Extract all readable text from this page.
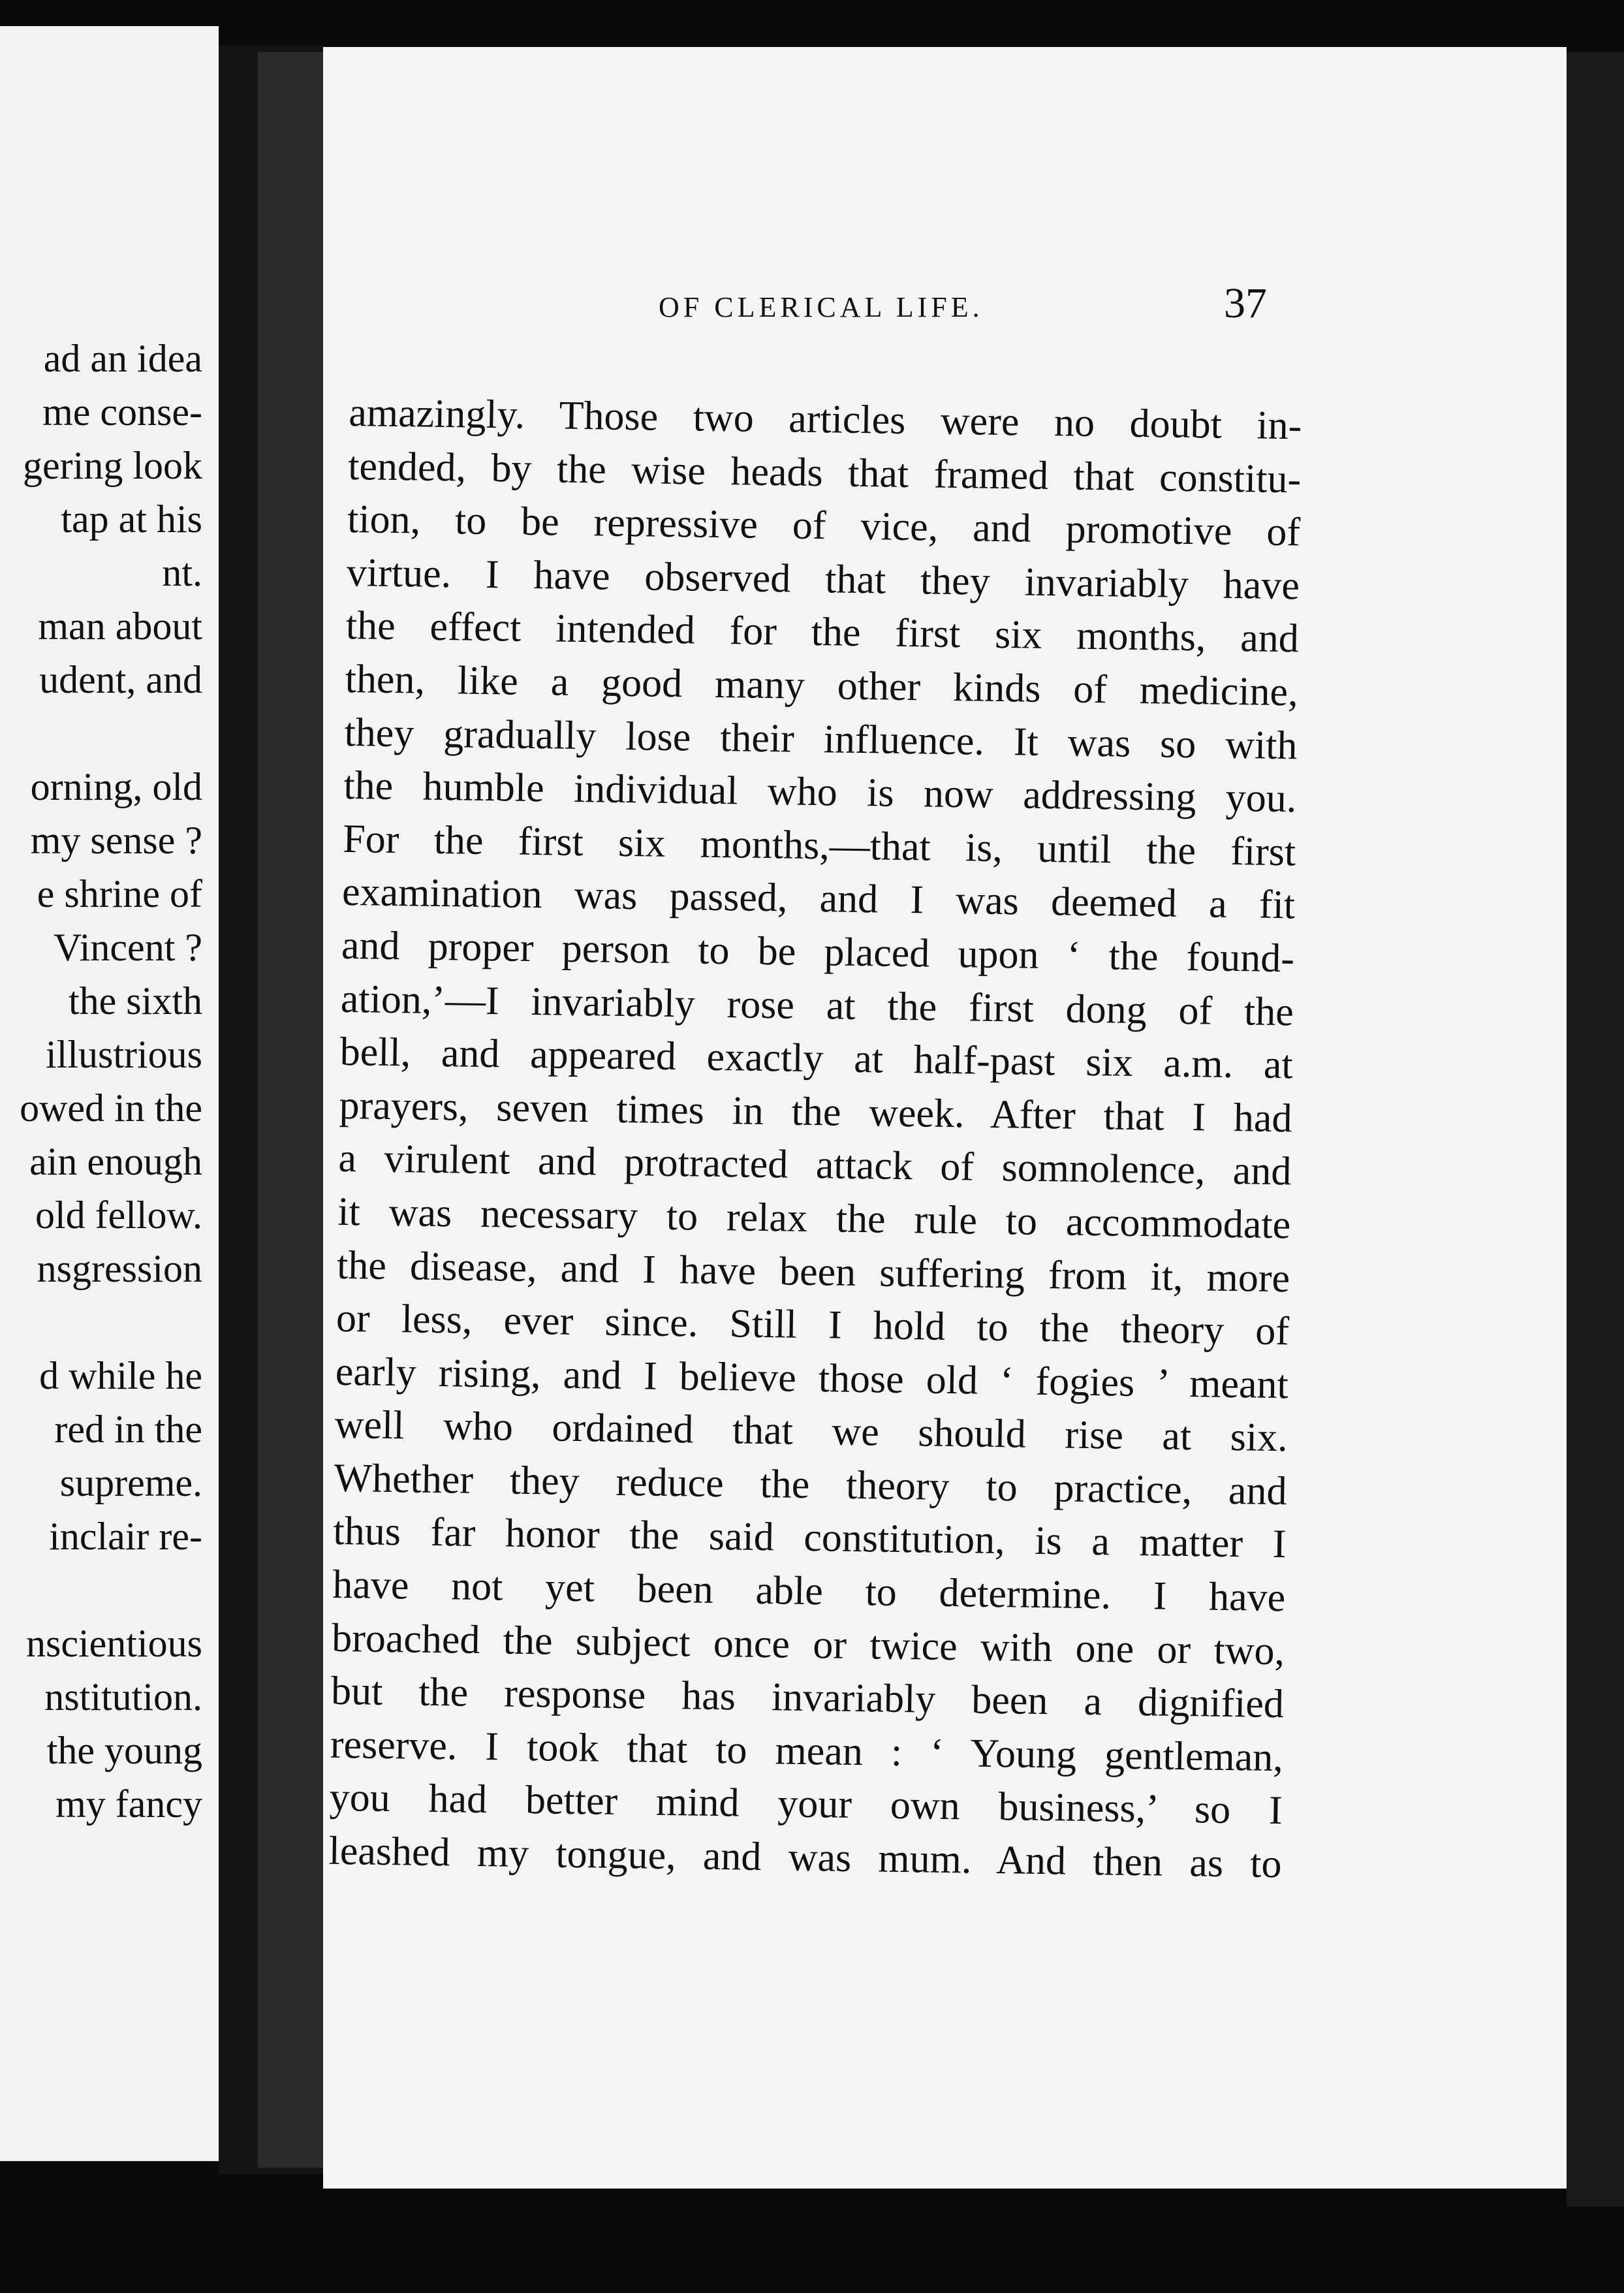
ad an idea
me conse-
gering look
tap at his
nt.
man about
udent, and
orning, old
my sense ?
e shrine of
Vincent ?
the sixth
illustrious
owed in the
ain enough
old fellow.
nsgression
d while he
red in the
supreme.
inclair re-
nscientious
nstitution.
the young
my fancy
OF CLERICAL LIFE.	37
amazingly. Those two articles were no doubt in-
tended, by the wise heads that framed that constitu-
tion, to be repressive of vice, and promotive of
virtue. I have observed that they invariably have
the effect intended for the first six months, and
then, like a good many other kinds of medicine,
they gradually lose their influence. It was so with
the humble individual who is now addressing you.
For the first six months,—that is, until the first
examination was passed, and I was deemed a fit
and proper person to be placed upon ‘ the found-
ation,’—I invariably rose at the first dong of the
bell, and appeared exactly at half-past six a.m. at
prayers, seven times in the week. After that I had
a virulent and protracted attack of somnolence, and
it was necessary to relax the rule to accommodate
the disease, and I have been suffering from it, more
or less, ever since. Still I hold to the theory of
early rising, and I believe those old ‘ fogies ’ meant
well who ordained that we should rise at six.
Whether they reduce the theory to practice, and
thus far honor the said constitution, is a matter I
have not yet been able to determine. I have
broached the subject once or twice with one or two,
but the response has invariably been a dignified
reserve. I took that to mean : ‘ Young gentleman,
you had better mind your own business,’ so I
leashed my tongue, and was mum. And then as to
